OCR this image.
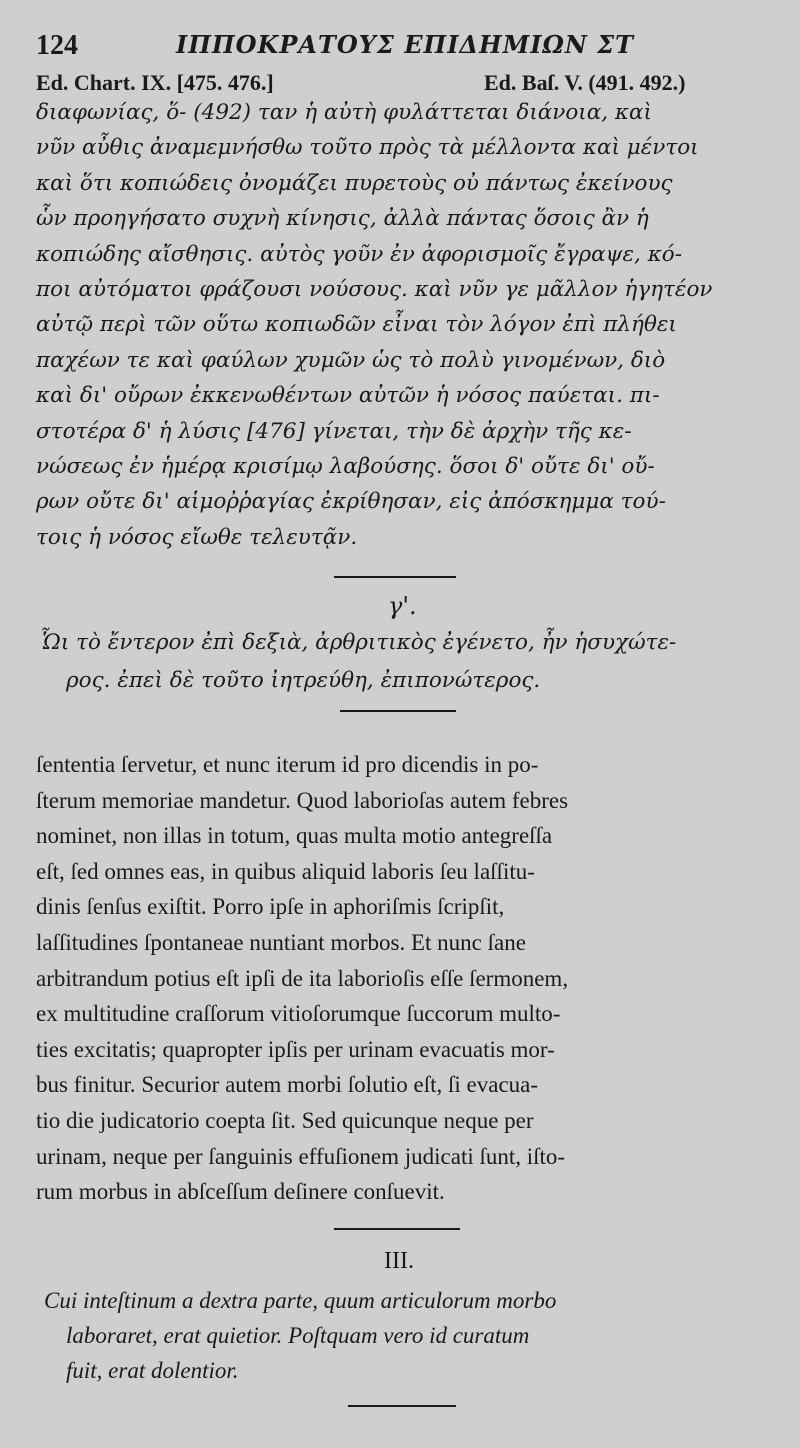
124	ΙΠΠΟΚΡΑΤΟΥΣ ΕΠΙΔΗΜΙΩΝ ΣΤ
Ed. Chart. IX. [475. 476.]	Ed. Baſ. V. (491. 492.)
διαφωνίας, ὅ- (492) ταν ἡ αὐτὴ φυλάττεται διάνοια, καὶ
νῦν αὖθις ἀναμεμνήσθω τοῦτο πρὸς τὰ μέλλοντα καὶ μέντοι
καὶ ὅτι κοπιώδεις ὀνομάζει πυρετοὺς οὐ πάντως ἐκείνους
ὧν προηγήσατο συχνὴ κίνησις, ἀλλὰ πάντας ὅσοις ἂν ἡ
κοπιώδης αἴσθησις. αὐτὸς γοῦν ἐν ἀφορισμοῖς ἔγραψε, κό-
ποι αὐτόματοι φράζουσι νούσους. καὶ νῦν γε μᾶλλον ἡγητέον
αὐτῷ περὶ τῶν οὕτω κοπιωδῶν εἶναι τὸν λόγον ἐπὶ πλήθει
παχέων τε καὶ φαύλων χυμῶν ὡς τὸ πολὺ γινομένων, διὸ
καὶ δι' οὔρων ἐκκενωθέντων αὐτῶν ἡ νόσος παύεται. πι-
στοτέρα δ' ἡ λύσις [476] γίνεται, τὴν δὲ ἀρχὴν τῆς κε-
νώσεως ἐν ἡμέρᾳ κρισίμῳ λαβούσης. ὅσοι δ' οὔτε δι' οὔ-
ρων οὔτε δι' αἱμοῤῥαγίας ἐκρίθησαν, εἰς ἀπόσκημμα τού-
τοις ἡ νόσος εἴωθε τελευτᾷν.
γ'.
Ὧι τὸ ἔντερον ἐπὶ δεξιὰ, ἀρθριτικὸς ἐγένετο, ἦν ἡσυχώτε-
ρος. ἐπεὶ δὲ τοῦτο ἰητρεύθη, ἐπιπονώτερος.
ſententia ſervetur, et nunc iterum id pro dicendis in po-
ſterum memoriae mandetur. Quod laborioſas autem febres
nominet, non illas in totum, quas multa motio antegreſſa
eſt, ſed omnes eas, in quibus aliquid laboris ſeu laſſitu-
dinis ſenſus exiſtit. Porro ipſe in aphoriſmis ſcripſit,
laſſitudines ſpontaneae nuntiant morbos. Et nunc ſane
arbitrandum potius eſt ipſi de ita laborioſis eſſe ſermonem,
ex multitudine craſſorum vitioſorumque ſuccorum multo-
ties excitatis; quapropter ipſis per urinam evacuatis mor-
bus finitur. Securior autem morbi ſolutio eſt, ſi evacua-
tio die judicatorio coepta ſit. Sed quicunque neque per
urinam, neque per ſanguinis effuſionem judicati ſunt, iſto-
rum morbus in abſceſſum deſinere conſuevit.
III.
Cui inteſtinum a dextra parte, quum articulorum morbo
laboraret, erat quietior. Poſtquam vero id curatum
fuit, erat dolentior.
